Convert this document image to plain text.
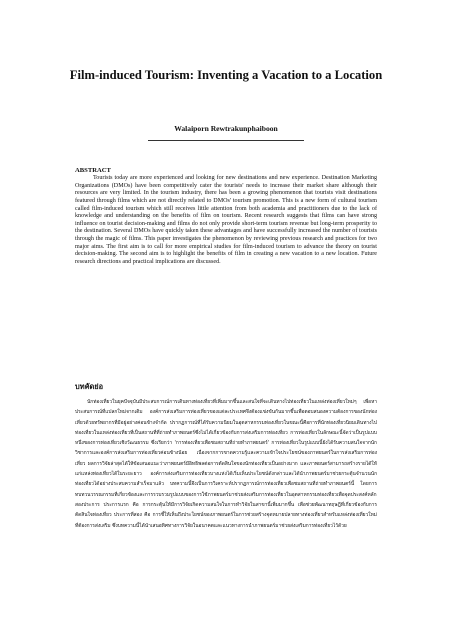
Film-induced Tourism: Inventing a Vacation to a Location
Walaiporn Rewtrakunphaiboon
ABSTRACT

Tourists today are more experienced and looking for new destinations and new experience. Destination Marketing Organizations (DMOs) have been competitively cater the tourists' needs to increase their market share although their resources are very limited. In the tourism industry, there has been a growing phenomenon that tourists visit destinations featured through films which are not directly related to DMOs' tourism promotion. This is a new form of cultural tourism called film-induced tourism which still receives little attention from both academia and practitioners due to the lack of knowledge and understanding on the benefits of film on tourism. Recent research suggests that films can have strong influence on tourist decision-making and films do not only provide short-term tourism revenue but long-term prosperity to the destination. Several DMOs have quickly taken these advantages and have successfully increased the number of tourists through the magic of films. This paper investigates the phenomenon by reviewing previous research and practices for two major aims. The first aim is to call for more empirical studies for film-induced tourism to advance the theory on tourist decision-making. The second aim is to highlight the benefits of film in creating a new vacation to a new location. Future research directions and practical implications are discussed.

บทคัดย่อ

นักท่องเที่ยวในยุคปัจจุบันมีประสบการณ์การเดินทางท่องเที่ยวที่เพิ่มมากขึ้นและสนใจที่จะเดินทางไปท่องเที่ยวในแหล่งท่องเที่ยวใหม่ๆ เพื่อหาประสบการณ์ที่แปลกใหม่จากเดิม องค์การส่งเสริมการท่องเที่ยวของแต่ละประเทศจึงต้องแข่งขันกันมากขึ้นเพื่อตอบสนองความต้องการของนักท่องเที่ยวด้วยทรัพยากรที่มีอยู่อย่างค่อนข้างจำกัด ปรากฏการณ์ที่ได้รับความนิยมในอุตสาหกรรมท่องเที่ยวในขณะนี้คือการที่นักท่องเที่ยวนิยมเดินทางไปท่องเที่ยวในแหล่งท่องเที่ยวที่เป็นสถานที่ที่ถ่ายทำภาพยนตร์ซึ่งไม่ได้เกี่ยวข้องกับการส่งเสริมการท่องเที่ยว การท่องเที่ยวในลักษณะนี้จัดว่าเป็นรูปแบบหนึ่งของการท่องเที่ยวเชิงวัฒนธรรม ซึ่งเรียกว่า 'การท่องเที่ยวเพื่อชมสถานที่ถ่ายทำภาพยนตร์' การท่องเที่ยวในรูปแบบนี้ยังได้รับความสนใจจากนักวิชาการและองค์การส่งเสริมการท่องเที่ยวค่อนข้างน้อย เนื่องจากการขาดความรู้และความเข้าใจประโยชน์ของภาพยนตร์ในการส่งเสริมการท่องเที่ยว ผลการวิจัยล่าสุดได้ให้ข้อเสนอแนะว่าภาพยนตร์มีอิทธิพลต่อการตัดสินใจของนักท่องเที่ยวเป็นอย่างมาก และภาพยนตร์สามารถสร้างรายได้ให้แก่แหล่งท่องเที่ยวได้ในระยะยาว องค์การส่งเสริมการท่องเที่ยวบางแห่งได้เริ่มเห็นประโยชน์ดังกล่าวและได้นำภาพยนตร์มาช่วยกระตุ้นจำนวนนักท่องเที่ยวได้อย่างประสบความสำเร็จมาแล้ว บทความนี้จึงเป็นการวิเคราะห์ปรากฏการณ์การท่องเที่ยวเพื่อชมสถานที่ถ่ายทำภาพยนตร์นี้ โดยการทบทวนวรรณกรรมที่เกี่ยวข้องและการรวบรวมรูปแบบของการใช้ภาพยนตร์มาช่วยส่งเสริมการท่องเที่ยวในอุตสาหกรรมท่องเที่ยวเพื่อจุดประสงค์หลักสองประการ ประการแรก คือ การกระตุ้นให้มีการวิจัยเกิดความสนใจในการทำวิจัยในสาขานี้เพิ่มมากขึ้น เพื่อช่วยพัฒนาทฤษฎีที่เกี่ยวข้องกับการตัดสินใจท่องเที่ยว ประการที่สอง คือ การชี้ให้เห็นถึงประโยชน์ของภาพยนตร์ในการช่วยสร้างจุดหมายปลายทางท่องเที่ยวสำหรับแหล่งท่องเที่ยวใหม่ที่ต้องการส่งเสริม ซึ่งบทความนี้ได้นำเสนอทิศทางการวิจัยในอนาคตและแนวทางการนำภาพยนตร์มาช่วยส่งเสริมการท่องเที่ยวไว้ด้วย
